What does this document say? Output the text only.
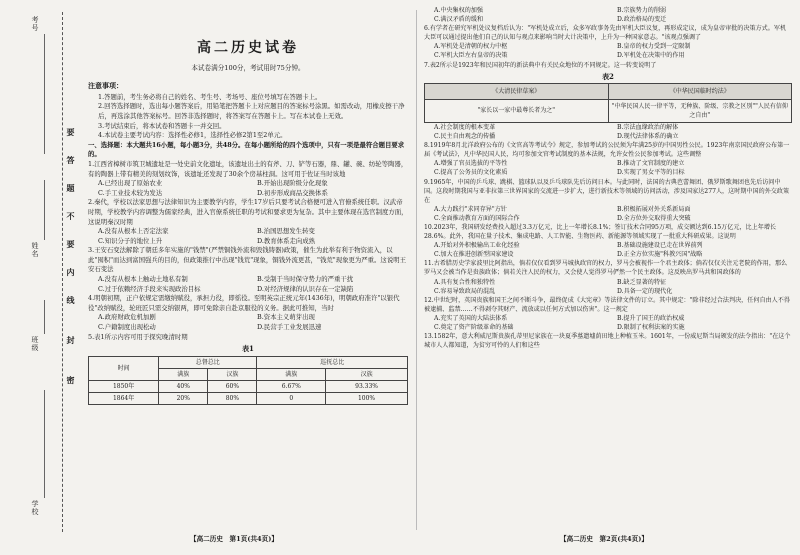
考号
姓名
班级
学校
要
答
题
不
要
内
线
封
密
高二历史试卷
本试卷满分100分，考试用时75分钟。
注意事项：

1.答题前，考生务必将自己的姓名、考生号、考场号、座位号填写在答题卡上。

2.回答选择题时，选出每小题答案后，用铅笔把答题卡上对应题目的答案标号涂黑。如需改动，用橡皮擦干净后，再选涂其他答案标号。回答非选择题时，将答案写在答题卡上。写在本试卷上无效。

3.考试结束后，将本试卷和答题卡一并交回。

4.本试卷主要考试内容：选择性必修1，选择性必修2第1至2单元。

一、选择题：本大题共16小题，每小题3分，共48分。在每小题所给的四个选项中，只有一项是最符合题目要求的。

1.江西省樟树市筑卫城遗址是一处史前文化遗址，该遗址出土的有斧、刀、铲等石器，鼎、罐、碗、纺轮等陶器，有的陶器上带有精美的刻划纹饰，该遗址还发现了30余个房基柱洞。这可用于佐证当时该地

A.已经出现了原始农业	B.开始出现阶级分化现象
C.手工业技术较为发达	D.初步形成商品交换体系

2.秦代，学校以法家思想与法律知识为主要教学内容，学生17岁后只要考试合格便可进入官僚系统任职。汉武帝时期，学校教学内容调整为儒家经典，进入官僚系统任职的考试和要求更为复杂。其中主要体现在选官制度方面，这说明秦汉时期

A.没有从根本上否定法家	B.治国思想发生转变
C.知识分子的地位上升	D.教育体系走向成熟

3.王安石变法解除了朝廷多年实施的"钱禁"(严禁铜钱外流和毁钱铸器)政策，催生为此举有利于物资流入，以此"囤积"而达到富国强兵的目的，但政策推行中出现"钱荒"现象，铜钱外流更甚，"钱荒"现象更为严重。这说明王安石变法

A.没有从根本上触动土地私有制	B.受制于当时保守势力的严重干扰
C.过于依赖经济手段来实现政治目标	D.对经济规律的认识存在一定缺陷

4.明朝初期，正户依规定需缴纳赋役，承担力役，即徭役。至明英宗正统元年(1436年)，明朝政府准许"以银代役"改纳赋役，轮班匠只需交纳银两，即可免除亲自赴京服役的义务。据此可推知，当时

A.政府财政危机加剧	B.资本主义萌芽出现
C.户籍制度出现松动	D.民营手工业发展迅速

5.表1所示内容可用于探究晚清时期

表1
时间	总督总比		巡抚总比	
	满族	汉族	满族	汉族
1850年	40%	60%	6.67%	93.33%
1864年	20%	80%	0	100%
【高二历史　第1页(共4页)】
A.中央集权的加强	B.宗族势力的削弱
C.满汉矛盾的缓和	D.政治格局的变迁

6.有学者在研究军机处议复档后认为："军机处成立后，众多军政事务先由军机大臣议复，再形成定议，成为皇帝审批的决策方式。军机大臣可以通过提出他们自己的认知与观点来影响当时大计决策中，上升为一种国家意志。"该观点强调了

A.军机处是清朝的权力中枢	B.皇帝的权力受到一定限制
C.军机大臣左右皇帝的决策	D.军机处在决策中的作用

7.表2所示是1923年和民国初年的新法典中有关民众地位的不同规定。这一转变说明了

表2
《大清民律草案》	《中华民国临时约法》
"家长以一家中最尊长者为之"	"中华民国人民一律平等，无种族、阶级、宗教之区别""人民有信仰之自由"
A.社会制度的根本变革	B.宗法血缘政治的解体
C.民主自由观念的传播	D.现代法律体系的确立

8.1919年8月北洋政府公布的《文官高等考试令》规定，参加考试的公民须为年满25岁的中国男性公民。1923年南京国民政府公布第一届《考试法》，凡中华民国人民，均可参加文官考试制度的基本法规，允许女性公民参加考试。这些调整

A.增强了官员选拔的平等性	B.推动了文官制度的建立
C.提高了公务员的文化素质	D.实现了男女平等的目标

9.1965年，中国的乒乓球、跳棋、篮球队以及乒乓球队先后访问日本。与此同时，法国的古典芭蕾舞团、俄罗斯歌舞团也先后访问中国。这段时期我国与亚非拉第三世界国家的交流进一步扩大，进行新技术等领域的访问活动，涉及国家达277人，这时期中国的外交政策在

A.大力践行"求同存异"方针	B.积极拓展对外关系新局面
C.全面推动教育方面的国际合作	D.全方位外交取得重大突破

10.2023年，我国研发经费投入超过3.3万亿元，比上一年增长8.1%；签订技术合同95万项，成交额达到6.15万亿元，比上年增长28.6%。此外，我国在量子技术、集成电路、人工智能、生物医药、新能源等领域实现了一批重大科研成果。这说明

A.开始对外积极输出工业化经验	B.基础设施建设已走在世界前列
C.加大在推进创新型国家建设	D.正全方位实施"科教兴国"战略

11.古希腊历史学家波里比阿指出，倘若仅仅看到罗马城执政官的权力，罗马会被视作一个君主政体；倘若仅仅关注元老院的作用，那么罗马又会被当作是贵族政体；倘若关注人民的权力，又会使人觉得罗马俨然一个民主政体。这反映出罗马共和国政体的

A.具有复合性和独特性	B.缺乏显著的特征
C.容易导致政局的混乱	D.具备一定的现代化

12.中世纪时，英国贵族和国王之间不断斗争，最终促成《大宪章》等法律文件的订立。其中规定："除非经过合法判决，任何自由人不得被逮捕、监禁……不得剥夺其财产、流放或以任何方式加以伤害"。这一规定

A.充实了英国的大陆法体系	B.提升了国王的政治权威
C.奠定了资产阶级革命的基础	D.限制了权利法案的实施

13.1582年，意大利威尼斯贵族孔蒂里尼家族在一块夏季墓遗墟荫田地上种植玉米。1601年，一份威尼斯当局颁发的法令指出："在这个城市人人都知道，为贫穷可怜的人们和这些

【高二历史　第2页(共4页)】
